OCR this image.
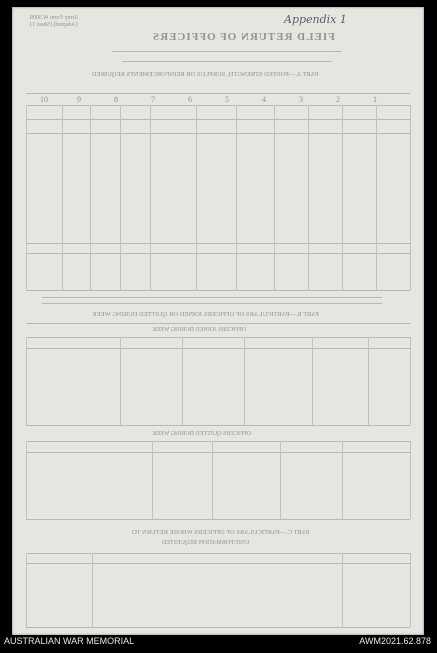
Army Form W.3009
(Adapted) (Sheet 1)	Appendix 1
FIELD RETURN OF OFFICERS
PART A.—POSTED STRENGTH, SURPLUS OR REINFORCEMENTS REQUIRED
10	9	8	7	6	5	4	3	2	1
PART B.—PARTICULARS OF OFFICERS JOINED OR QUITTED DURING WEEK
OFFICERS JOINED DURING WEEK
OFFICERS QUITTED DURING WEEK
PART C.—PARTICULARS OF OFFICERS WHOSE RETURN TO
UNIT/FORMATION REQUESTED
AUSTRALIAN WAR MEMORIAL	AWM2021.62.878
